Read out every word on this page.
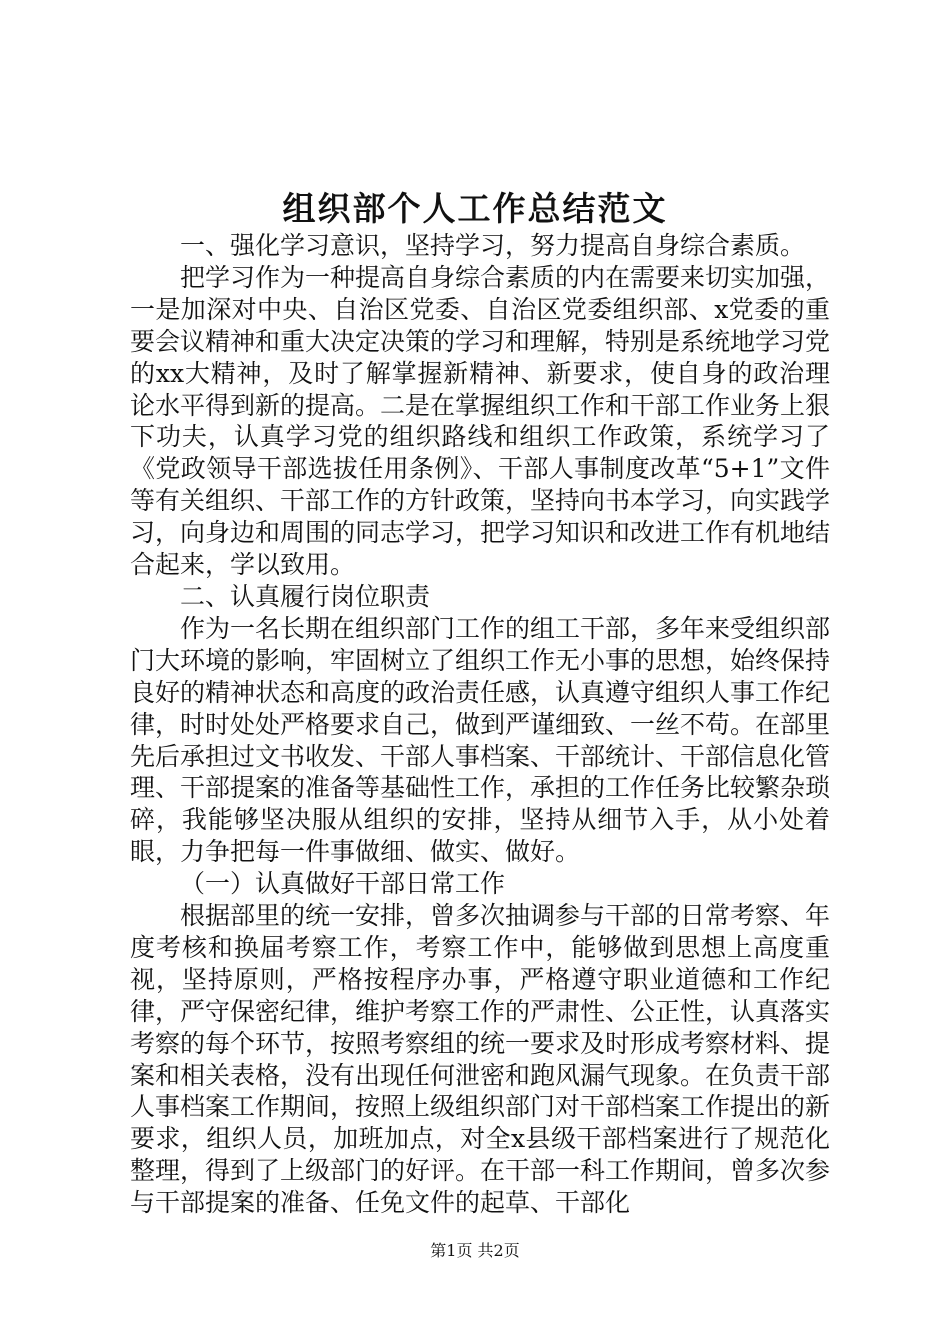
组织部个人工作总结范文

一、强化学习意识，坚持学习，努力提高自身综合素质。

把学习作为一种提高自身综合素质的内在需要来切实加强，一是加深对中央、自治区党委、自治区党委组织部、x党委的重要会议精神和重大决定决策的学习和理解，特别是系统地学习党的xx大精神，及时了解掌握新精神、新要求，使自身的政治理论水平得到新的提高。二是在掌握组织工作和干部工作业务上狠下功夫，认真学习党的组织路线和组织工作政策，系统学习了《党政领导干部选拔任用条例》、干部人事制度改革“5+1”文件等有关组织、干部工作的方针政策，坚持向书本学习，向实践学习，向身边和周围的同志学习，把学习知识和改进工作有机地结合起来，学以致用。

二、认真履行岗位职责

作为一名长期在组织部门工作的组工干部，多年来受组织部门大环境的影响，牢固树立了组织工作无小事的思想，始终保持良好的精神状态和高度的政治责任感，认真遵守组织人事工作纪律，时时处处严格要求自己，做到严谨细致、一丝不苟。在部里先后承担过文书收发、干部人事档案、干部统计、干部信息化管理、干部提案的准备等基础性工作，承担的工作任务比较繁杂琐碎，我能够坚决服从组织的安排，坚持从细节入手，从小处着眼，力争把每一件事做细、做实、做好。

（一）认真做好干部日常工作

根据部里的统一安排，曾多次抽调参与干部的日常考察、年度考核和换届考察工作，考察工作中，能够做到思想上高度重视，坚持原则，严格按程序办事，严格遵守职业道德和工作纪律，严守保密纪律，维护考察工作的严肃性、公正性，认真落实考察的每个环节，按照考察组的统一要求及时形成考察材料、提案和相关表格，没有出现任何泄密和跑风漏气现象。在负责干部人事档案工作期间，按照上级组织部门对干部档案工作提出的新要求，组织人员，加班加点，对全x县级干部档案进行了规范化整理，得到了上级部门的好评。在干部一科工作期间，曾多次参与干部提案的准备、任免文件的起草、干部化

第1页 共2页
